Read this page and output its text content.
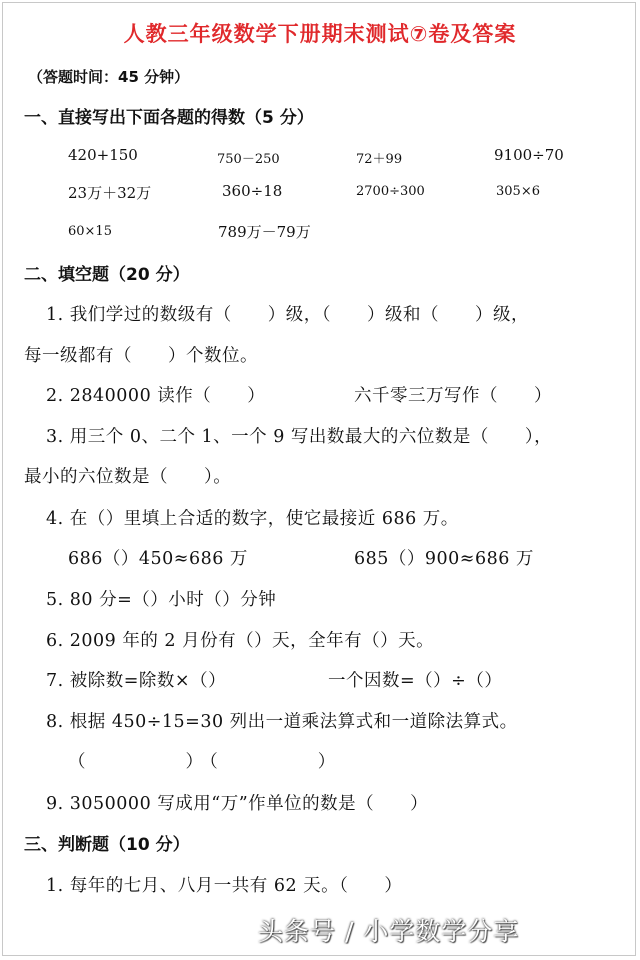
人教三年级数学下册期末测试⑦卷及答案
（答题时间：45 分钟）
一、直接写出下面各题的得数（5 分）
420+150	750－250	72＋99	9100÷70
23万＋32万	360÷18	2700÷300	305×6
60×15	789万－79万
二、填空题（20 分）
1. 我们学过的数级有（　　）级，（　　）级和（　　）级，
每一级都有（　　）个数位。
2. 2840000 读作（　　）	六千零三万写作（　　）
3. 用三个 0、二个 1、一个 9 写出数最大的六位数是（　　），
最小的六位数是（　　）。
4. 在（）里填上合适的数字，使它最接近 686 万。
686（）450≈686 万	685（）900≈686 万
5. 80 分=（）小时（）分钟
6. 2009 年的 2 月份有（）天，全年有（）天。
7. 被除数=除数×（）	一个因数=（）÷（）
8. 根据 450÷15=30 列出一道乘法算式和一道除法算式。
（　　　　）（　　　　）
9. 3050000 写成用“万”作单位的数是（　　）
三、判断题（10 分）
1. 每年的七月、八月一共有 62 天。（　　）
头条号 / 小学数学分享
